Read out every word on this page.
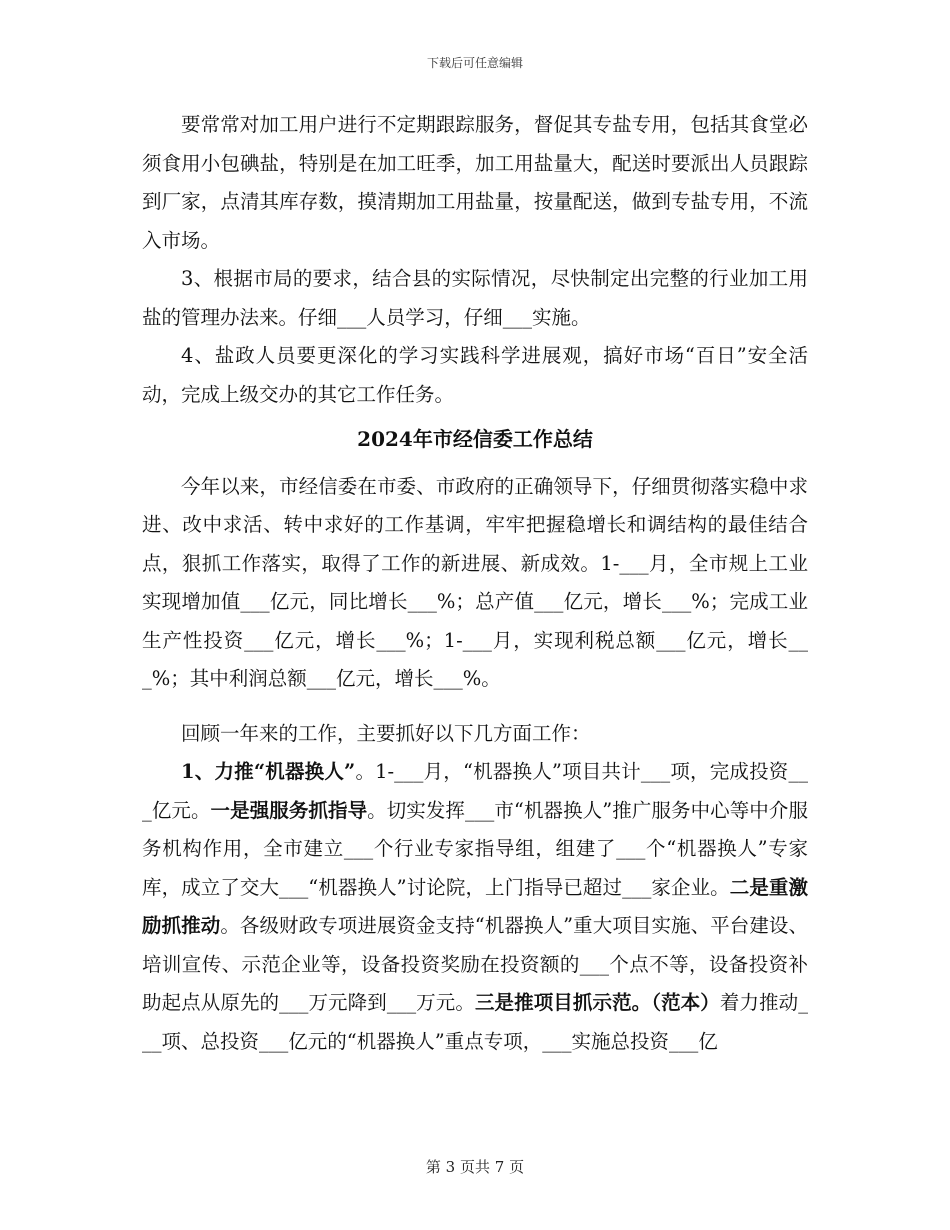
下载后可任意编辑

要常常对加工用户进行不定期跟踪服务，督促其专盐专用，包括其食堂必须食用小包碘盐，特别是在加工旺季，加工用盐量大，配送时要派出人员跟踪到厂家，点清其库存数，摸清期加工用盐量，按量配送，做到专盐专用，不流入市场。

3、根据市局的要求，结合县的实际情况，尽快制定出完整的行业加工用盐的管理办法来。仔细___人员学习，仔细___实施。

4、盐政人员要更深化的学习实践科学进展观，搞好市场“百日”安全活动，完成上级交办的其它工作任务。

2024年市经信委工作总结

今年以来，市经信委在市委、市政府的正确领导下，仔细贯彻落实稳中求进、改中求活、转中求好的工作基调，牢牢把握稳增长和调结构的最佳结合点，狠抓工作落实，取得了工作的新进展、新成效。1-___月，全市规上工业实现增加值___亿元，同比增长___%；总产值___亿元，增长___%；完成工业生产性投资___亿元，增长___%；1-___月，实现利税总额___亿元，增长___%；其中利润总额___亿元，增长___%。

回顾一年来的工作，主要抓好以下几方面工作：

1、力推“机器换人”。1-___月，“机器换人”项目共计___项，完成投资___亿元。一是强服务抓指导。切实发挥___市“机器换人”推广服务中心等中介服务机构作用，全市建立___个行业专家指导组，组建了___个“机器换人”专家库，成立了交大___“机器换人”讨论院，上门指导已超过___家企业。二是重激励抓推动。各级财政专项进展资金支持“机器换人”重大项目实施、平台建设、培训宣传、示范企业等，设备投资奖励在投资额的___个点不等，设备投资补助起点从原先的___万元降到___万元。三是推项目抓示范。（范本）着力推动___项、总投资___亿元的“机器换人”重点专项，___实施总投资___亿

第 3 页共 7 页
